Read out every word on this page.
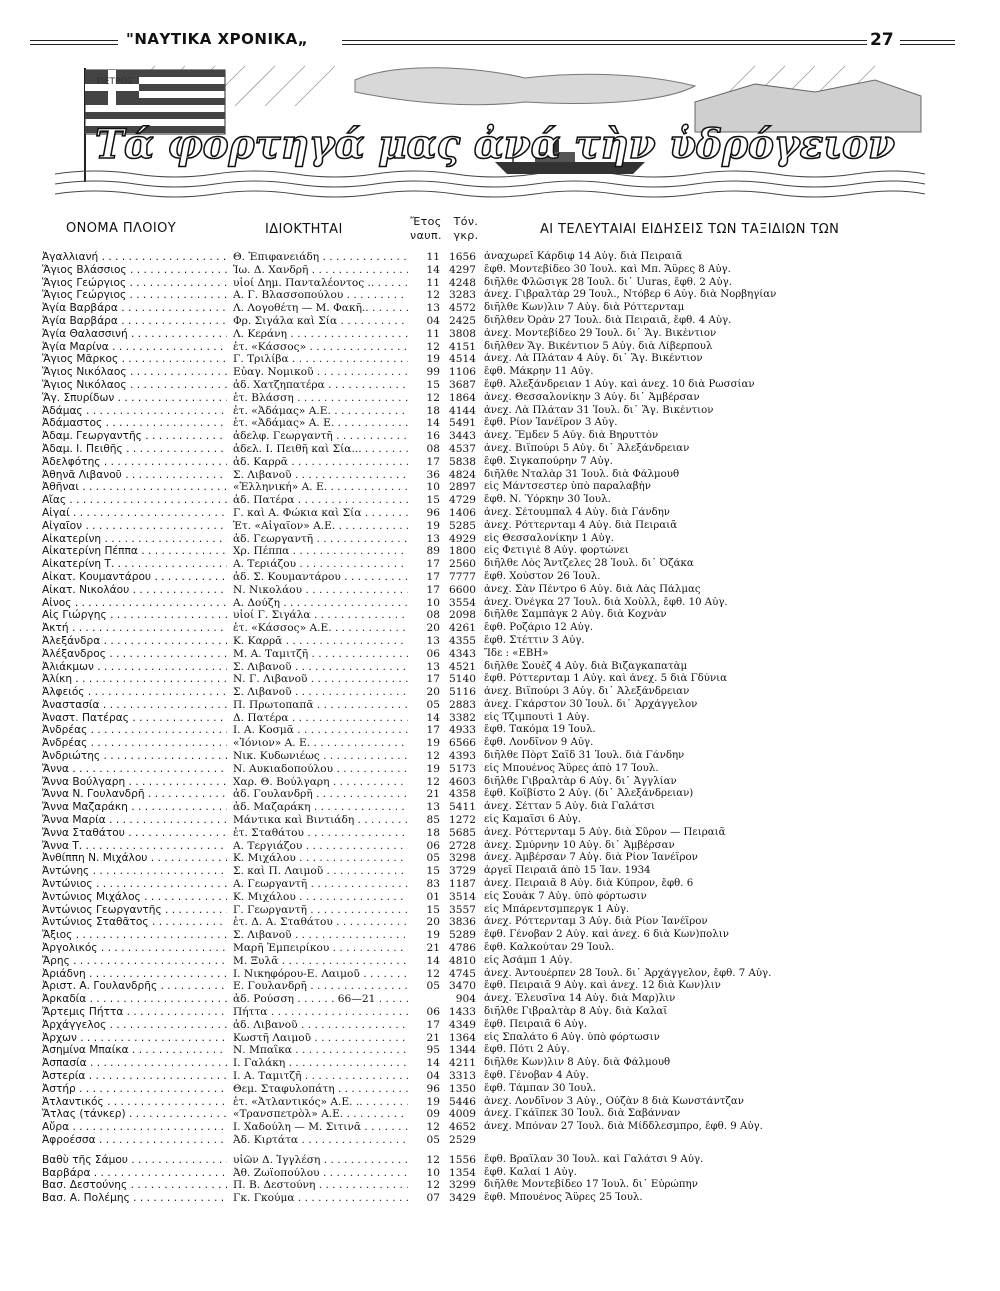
"ΝΑΥΤΙΚΑ ΧΡΟΝΙΚΑ„	27
Τά φορτηγά μας ἀνά τὴν ὑδρόγειον
ΠΕΤΡΟΣ
ΟΝΟΜΑ ΠΛΟΙΟΥ	ΙΔΙΟΚΤΗΤΑΙ
Ἔτος
ναυπ.
Τόν.
γκρ.	ΑΙ ΤΕΛΕΥΤΑΙΑΙ ΕΙΔΗΣΕΙΣ ΤΩΝ ΤΑΞΙΔΙΩΝ ΤΩΝ
Ἀγαλλιανή . . .	Θ. Ἐπιφανειάδη . . .	11 1656 ἀναχωρεῖ Κάρδιφ 14 Αὐγ. διὰ Πειραιᾶ
Ἅγιος Βλάσσιος . . .	Ἰω. Δ. Χανδρῆ . . .	14 4297 ἔφθ. Μοντεβίδεο 30 Ἰουλ. καὶ Μπ. Ἄϋρες 8 Αὐγ.
Ἅγιος Γεώργιος . . .	υἱοί Δημ. Πανταλέοντος .. . . .	11 4248 διῆλθε Φλῶσιγκ 28 Ἰουλ. δι᾽ Uuras, ἔφθ. 2 Αὐγ.
Ἅγιος Γεώργιος . . .	Α. Γ. Βλασσοπούλου . . .	12 3283 ἀνεχ. Γιβραλτὰρ 29 Ἰουλ., Ντόβερ 6 Αὐγ. διὰ Νορβηγίαν
Ἁγία Βαρβάρα . . .	Λ. Λογοθέτη — Μ. Φακῆ.. . . .	13 4572 διῆλθε Κων)λιν 7 Αὐγ. διὰ Ρόττερνταμ
Ἁγία Βαρβάρα . . .	Φρ. Σιγάλα καὶ Σία . . .	04 2425 διῆλθεν Ὀρὰν 27 Ἰουλ. διὰ Πειραιᾶ, ἔφθ. 4 Αὐγ.
Ἁγία Θαλασσινή . . .	Λ. Κεράνη . . .	11 3808 ἀνεχ. Μοντεβίδεο 29 Ἰουλ. δι᾽ Ἅγ. Βικέντιον
Ἁγία Μαρίνα . . .	ἑτ. «Κάσσος» . . .	12 4151 διῆλθεν Ἅγ. Βικέντιον 5 Αὐγ. διὰ Λίβερπουλ
Ἅγιος Μᾶρκος . . .	Γ. Τριλίβα . . .	19 4514 ἀνεχ. Λὰ Πλάταν 4 Αὐγ. δι᾽ Ἅγ. Βικέντιον
Ἅγιος Νικόλαος . . .	Εὐαγ. Νομικοῦ . . .	99 1106 ἔφθ. Μάκρην 11 Αὐγ.
Ἅγιος Νικόλαος . . .	ἀδ. Χατζηπατέρα . . .	15 3687 ἔφθ. Ἀλεξάνδρειαν 1 Αὐγ. καὶ ἀνεχ. 10 διὰ Ρωσσίαν
Ἅγ. Σπυρίδων . . .	ἑτ. Βλάσση . . .	12 1864 ἀνεχ. Θεσσαλονίκην 3 Αὐγ. δι᾽ Ἀμβέρσαν
Ἀδάμας . . .	ἑτ. «Ἀδάμας» Α.Ε. . . .	18 4144 ἀνεχ. Λὰ Πλάταν 31 Ἰουλ. δι᾽ Ἅγ. Βικέντιον
Ἀδάμαστος . . .	ἑτ. «Ἀδάμας» Α. Ε. . . .	14 5491 ἔφθ. Ρίον Ἰανέϊρον 3 Αὐγ.
Ἀδαμ. Γεωργαντῆς . . .	ἀδελφ. Γεωργαντῆ . . .	16 3443 ἀνεχ. Ἔμδεν 5 Αὐγ. διὰ Βηρυττὸν
Ἀδαμ. Ι. Πειθῆς . . .	ἀδελ. Ι. Πειθῆ καὶ Σία... . . .	08 4537 ἀνεχ. Βιϊπούρι 5 Αὐγ. δι᾽ Ἀλεξάνδρειαν
Ἀδελφότης . . .	ἀδ. Καρρᾶ . . .	17 5838 ἔφθ. Σιγκαπούρην 7 Αὐγ.
Ἀθηνᾶ Λιβανοῦ . . .	Σ. Λιβανοῦ . . .	36 4824 διῆλθε Νταλὰρ 31 Ἰουλ. διὰ Φάλμουθ
Ἀθῆναι . . .	«Ἑλληνική» Α. Ε. . . .	10 2897 εἰς Μάντσεστερ ὑπὸ παραλαβὴν
Αἴας . . .	ἀδ. Πατέρα . . .	15 4729 ἔφθ. Ν. Ὑόρκην 30 Ἰουλ.
Αἰγαί . . .	Γ. καὶ Α. Φώκια καὶ Σία . . .	96 1406 ἀνεχ. Σέτουμπαλ 4 Αὐγ. διὰ Γάνδην
Αἰγαῖον . . .	Ἑτ. «Αἰγαῖον» Α.Ε. . . .	19 5285 ἀνεχ. Ρόττερνταμ 4 Αὐγ. διὰ Πειραιᾶ
Αἰκατερίνη . . .	ἀδ. Γεωργαντῆ . . .	13 4929 εἰς Θεσσαλονίκην 1 Αὐγ.
Αἰκατερίνη Πέππα . . .	Χρ. Πέππα . . .	89 1800 εἰς Φετιγιὲ 8 Αὐγ. φορτώνει
Αἰκατερίνη Τ. . . .	Α. Τεριάζου . . .	17 2560 διῆλθε Λὸς Ἄντζελες 28 Ἰουλ. δι᾽ Ὀζάκα
Αἰκατ. Κουμαντάρου . . .	ἀδ. Σ. Κουμαντάρου . . .	17 7777 ἔφθ. Χούστον 26 Ἰουλ.
Αἰκατ. Νικολάου . . .	Ν. Νικολάου . . .	17 6600 ἀνεχ. Σὰν Πέντρο 6 Αὐγ. διὰ Λὰς Πάλμας
Αἶνος . . .	Α. Δούζη . . .	10 3554 ἀνεχ. Ὀνέγκα 27 Ἰουλ. διὰ Χοὺλλ, ἔφθ. 10 Αὐγ.
Αἷς Γιώργης . . .	υἱοί Γ. Σιγάλα . . .	08 2098 διῆλθε Σαμπὰγκ 2 Αὐγ. διὰ Κοχνὰν
Ἀκτή . . .	ἑτ. «Κάσσος» Α.Ε. . . .	20 4261 ἔφθ. Ροζάριο 12 Αὐγ.
Ἀλεξάνδρα . . .	Κ. Καρρᾶ . . .	13 4355 ἔφθ. Στέττιν 3 Αὐγ.
Ἀλέξανδρος . . .	Μ. Α. Ταμιτζῆ . . .	06 4343 Ἴδε : «ΕΒΗ»
Ἀλιάκμων . . .	Σ. Λιβανοῦ . . .	13 4521 διῆλθε Σουὲζ 4 Αὐγ. διὰ Βιζαγκαπατὰμ
Ἀλίκη . . .	Ν. Γ. Λιβανοῦ . . .	17 5140 ἔφθ. Ρόττερνταμ 1 Αὐγ. καὶ ἀνεχ. 5 διὰ Γδύνια
Ἀλφειός . . .	Σ. Λιβανοῦ . . .	20 5116 ἀνεχ. Βιϊπούρι 3 Αὐγ. δι᾽ Ἀλεξάνδρειαν
Ἀναστασία . . .	Π. Πρωτοπαπᾶ . . .	05 2883 ἀνεχ. Γκάρστον 30 Ἰουλ. δι᾽ Ἀρχάγγελον
Ἀναστ. Πατέρας . . .	Δ. Πατέρα . . .	14 3382 εἰς Τζιμπουτὶ 1 Αὐγ.
Ἀνδρέας . . .	Ι. Α. Κοσμᾶ . . .	17 4933 ἔφθ. Τακόμα 19 Ἰουλ.
Ἀνδρέας . . .	«Ἰόνιον» Α. Ε. . . .	19 6566 ἔφθ. Λονδῖνον 9 Αὐγ.
Ἀνδριώτης . . .	Νικ. Κυδωνιέως . . .	12 4393 διῆλθε Πὸρτ Σαΐδ 31 Ἰουλ. διὰ Γάνδην
Ἄννα . . .	Ν. Αυκιαδοπούλου . . .	19 5173 εἰς Μπουένος Ἄϋρες ἀπὸ 17 Ἰουλ.
Ἄννα Βούλγαρη . . .	Χαρ. Θ. Βούλγαρη . . .	12 4603 διῆλθε Γιβραλτὰρ 6 Αὐγ. δι᾽ Ἀγγλίαν
Ἄννα Ν. Γουλανδρῆ . . .	ἀδ. Γουλανδρῆ . . .	21 4358 ἔφθ. Κοϊβίστο 2 Αὐγ. (δι᾽ Ἀλεξάνδρειαν)
Ἄννα Μαζαράκη . . .	ἀδ. Μαζαράκη . . .	13 5411 ἀνεχ. Σέτταν 5 Αὐγ. διὰ Γαλάτσι
Ἄννα Μαρία . . .	Μάντικα καὶ Βιντιάδη . . .	85 1272 εἰς Καμαΐσι 6 Αὐγ.
Ἄννα Σταθάτου . . .	ἑτ. Σταθάτου . . .	18 5685 ἀνεχ. Ρόττερνταμ 5 Αὐγ. διὰ Σῦρον — Πειραιᾶ
Ἄννα Τ. . . .	Α. Τεργιάζου . . .	06 2728 ἀνεχ. Σμύρνην 10 Αὐγ. δι᾽ Ἀμβέρσαν
Ἀνθίππη Ν. Μιχάλου . . .	Κ. Μιχάλου . . .	05 3298 ἀνεχ. Ἀμβέρσαν 7 Αὐγ. διὰ Ρίον Ἰανέϊρον
Ἀντώνης . . .	Σ. καὶ Π. Λαιμοῦ . . .	15 3729 ἀργεῖ Πειραιᾶ ἀπὸ 15 Ἰαν. 1934
Ἀντώνιος . . .	Α. Γεωργαντῆ . . .	83 1187 ἀνεχ. Πειραιᾶ 8 Αὐγ. διὰ Κύπρον, ἔφθ. 6
Ἀντώνιος Μιχάλος . . .	Κ. Μιχάλου . . .	01 3514 εἰς Σουὰκ 7 Αὐγ. ὑπὸ φόρτωσιν
Ἀντώνιος Γεωργαντῆς . . .	Γ. Γεωργαντῆ . . .	15 3557 εἰς Μπάρεντσμπεργκ 1 Αὐγ.
Ἀντώνιος Σταθᾶτος . . .	ἑτ. Δ. Α. Σταθάτου . . .	20 3836 ἀνεχ. Ρόττερνταμ 3 Αὐγ. διὰ Ρίον Ἰανέϊρον
Ἄξιος . . .	Σ. Λιβανοῦ . . .	19 5289 ἔφθ. Γένοβαν 2 Αὐγ. καὶ ἀνεχ. 6 διὰ Κων)πολιν
Ἀργολικός . . .	Μαρῆ Ἐμπειρίκου . . .	21 4786 ἔφθ. Καλκούταν 29 Ἰουλ.
Ἄρης . . .	Μ. Ξυλᾶ . . .	14 4810 εἰς Ἀσάμπ 1 Αὐγ.
Ἀριάδνη . . .	Ι. Νικηφόρου-Ε. Λαιμοῦ . . .	12 4745 ἀνεχ. Ἀντουέρπεν 28 Ἰουλ. δι᾽ Ἀρχάγγελον, ἔφθ. 7 Αὐγ.
Ἀριστ. Α. Γουλανδρῆς . . .	Ε. Γουλανδρῆ . . .	05 3470 ἔφθ. Πειραιᾶ 9 Αὐγ. καὶ ἀνεχ. 12 διὰ Κων)λιν
Ἀρκαδία . . .	ἀδ. Ρούσση . . . . . . 66—21 . . .	904 ἀνεχ. Ἐλευσῖνα 14 Αὐγ. διὰ Μαρ)λιν
Ἄρτεμις Πήττα . . .	Πήττα . . .	06 1433 διῆλθε Γιβραλτὰρ 8 Αὐγ. διὰ Καλαῖ
Ἀρχάγγελος . . .	ἀδ. Λιβανοῦ . . .	17 4349 ἔφθ. Πειραιᾶ 6 Αὐγ.
Ἀρχων . . .	Κωστῆ Λαιμοῦ . . .	21 1364 εἰς Σπαλάτο 6 Αὐγ. ὑπὸ φόρτωσιν
Ἀσημίνα Μπαίκα . . .	Ν. Μπαΐκα . . .	95 1344 ἔφθ. Πότι 2 Αὐγ.
Ἀσπασία . . .	Ι. Γαλάκη . . .	14 4211 διῆλθε Κων)λιν 8 Αὐγ. διὰ Φάλμουθ
Ἀστερία . . .	Ι. Α. Ταμιτζῆ . . .	04 3313 ἔφθ. Γένοβαν 4 Αὐγ.
Ἀστήρ . . .	Θεμ. Σταφυλοπάτη . . .	96 1350 ἔφθ. Τάμπαν 30 Ἰουλ.
Ἀτλαντικός . . .	ἑτ. «Ἀτλαντικός» Α.Ε. .. . . .	19 5446 ἀνεχ. Λονδῖνον 3 Αὐγ., Οὐζὰν 8 διὰ Κωνστάντζαν
Ἄτλας (τάνκερ) . . .	«Τρανσπετρὸλ» Α.Ε. . . .	09 4009 ἀνεχ. Γκάϊπεκ 30 Ἰουλ. διὰ Σαβάνναν
Αὔρα . . .	Ι. Χαδούλη — Μ. Σιτινᾶ . . .	12 4652 ἀνεχ. Μπόναν 27 Ἰουλ. διὰ Μίδδλεσμπρο, ἔφθ. 9 Αὐγ.
Ἀφροέσσα . . .	Ἀδ. Κιρτάτα . . .	05 2529
Βαθὺ τῆς Σάμου . . .	υἱῶν Δ. Ἰγγλέση . . .	12 1556 ἔφθ. Βραΐλαν 30 Ἰουλ. καὶ Γαλάτσι 9 Αὐγ.
Βαρβάρα . . .	Ἀθ. Ζωϊοπούλου . . .	10 1354 ἔφθ. Καλαί 1 Αὐγ.
Βασ. Δεστούνης . . .	Π. Β. Δεστούνη . . .	12 3299 διῆλθε Μοντεβίδεο 17 Ἰουλ. δι᾽ Εὐρώπην
Βασ. Α. Πολέμης . . .	Γκ. Γκούμα . . .	07 3429 ἔφθ. Μπουένος Ἄϋρες 25 Ἰουλ.
